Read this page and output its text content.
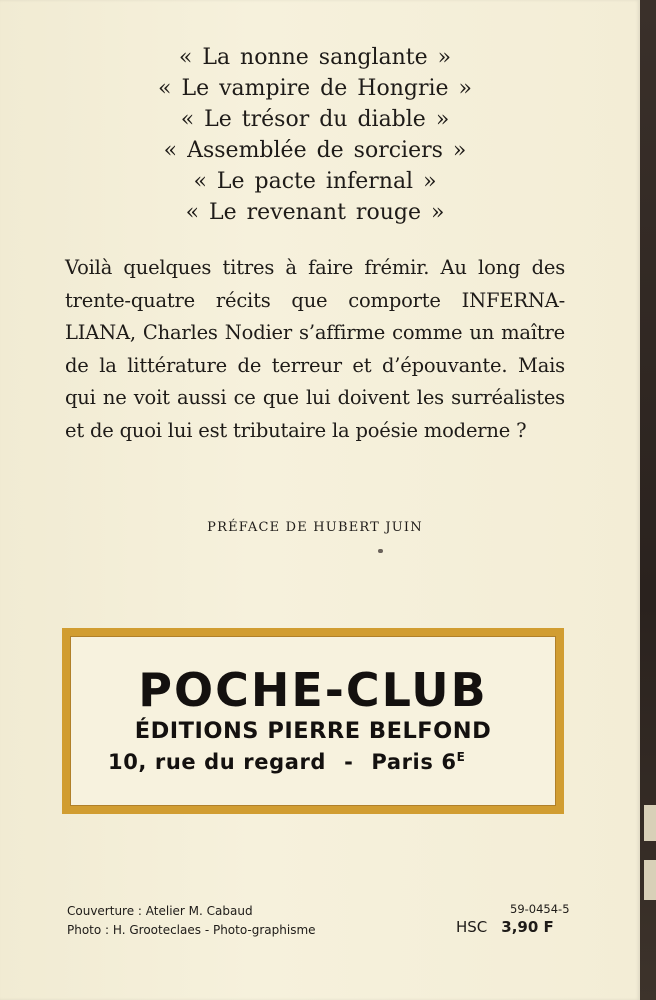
« La nonne sanglante »
« Le vampire de Hongrie »
« Le trésor du diable »
« Assemblée de sorciers »
« Le pacte infernal »
« Le revenant rouge »
Voilà quelques titres à faire frémir. Au long des trente-quatre récits que comporte INFERNA-LIANA, Charles Nodier s’affirme comme un maître de la littérature de terreur et d’épouvante. Mais qui ne voit aussi ce que lui doivent les surréalistes et de quoi lui est tributaire la poésie moderne ?
PRÉFACE DE HUBERT JUIN
POCHE-CLUB
ÉDITIONS PIERRE BELFOND
10, rue du regard - Paris $6^E$
Couverture : Atelier M. Cabaud
Photo : H. Grooteclaes - Photo-graphisme
59-0454-5
HSC 3,90 F
